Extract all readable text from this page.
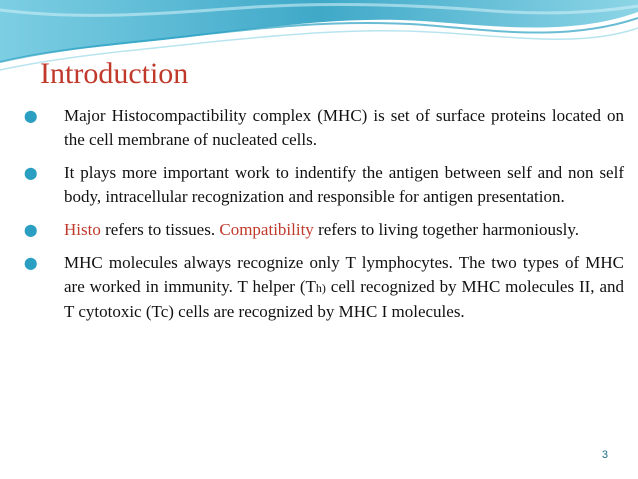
Introduction
⬤ Major Histocompactibility complex (MHC) is set of surface proteins located on the cell membrane of nucleated cells.
⬤ It plays more important work to indentify the antigen between self and non self body, intracellular recognization and responsible for antigen presentation.
⬤ Histo refers to tissues. Compatibility refers to living together harmoniously.
⬤ MHC molecules always recognize only T lymphocytes. The two types of MHC are worked in immunity. T helper (Th) cell recognized by MHC molecules II, and T cytotoxic (Tc) cells are recognized by MHC I molecules.
3
